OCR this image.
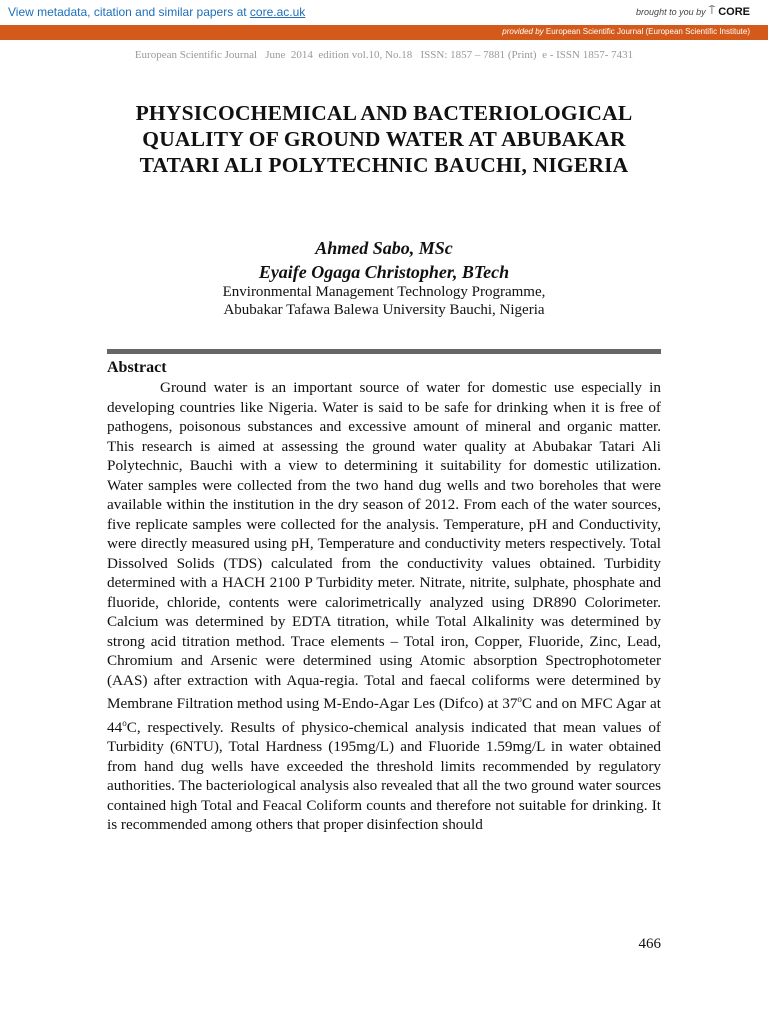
View metadata, citation and similar papers at core.ac.uk	brought to you by ⍑ CORE
provided by European Scientific Journal (European Scientific Institute)
European Scientific Journal   June  2014  edition vol.10, No.18   ISSN: 1857 – 7881 (Print)  e - ISSN 1857- 7431
PHYSICOCHEMICAL AND BACTERIOLOGICAL
QUALITY OF GROUND WATER AT ABUBAKAR
TATARI ALI POLYTECHNIC BAUCHI, NIGERIA
Ahmed Sabo, MSc
Eyaife Ogaga Christopher, BTech
Environmental Management Technology Programme,
Abubakar Tafawa Balewa University Bauchi, Nigeria
Abstract

Ground water is an important source of water for domestic use especially in developing countries like Nigeria. Water is said to be safe for drinking when it is free of pathogens, poisonous substances and excessive amount of mineral and organic matter. This research is aimed at assessing the ground water quality at Abubakar Tatari Ali Polytechnic, Bauchi with a view to determining it suitability for domestic utilization. Water samples were collected from the two hand dug wells and two boreholes that were available within the institution in the dry season of 2012. From each of the water sources, five replicate samples were collected for the analysis. Temperature, pH and Conductivity, were directly measured using pH, Temperature and conductivity meters respectively. Total Dissolved Solids (TDS) calculated from the conductivity values obtained. Turbidity determined with a HACH 2100 P Turbidity meter. Nitrate, nitrite, sulphate, phosphate and fluoride, chloride, contents were calorimetrically analyzed using DR890 Colorimeter. Calcium was determined by EDTA titration, while Total Alkalinity was determined by strong acid titration method. Trace elements – Total iron, Copper, Fluoride, Zinc, Lead, Chromium and Arsenic were determined using Atomic absorption Spectrophotometer (AAS) after extraction with Aqua-regia. Total and faecal coliforms were determined by Membrane Filtration method using M-Endo-Agar Les (Difco) at 37$^o$C and on MFC Agar at 44$^o$C, respectively. Results of physico-chemical analysis indicated that mean values of Turbidity (6NTU), Total Hardness (195mg/L) and Fluoride 1.59mg/L in water obtained from hand dug wells have exceeded the threshold limits recommended by regulatory authorities. The bacteriological analysis also revealed that all the two ground water sources contained high Total and Feacal Coliform counts and therefore not suitable for drinking. It is recommended among others that proper disinfection should

466
